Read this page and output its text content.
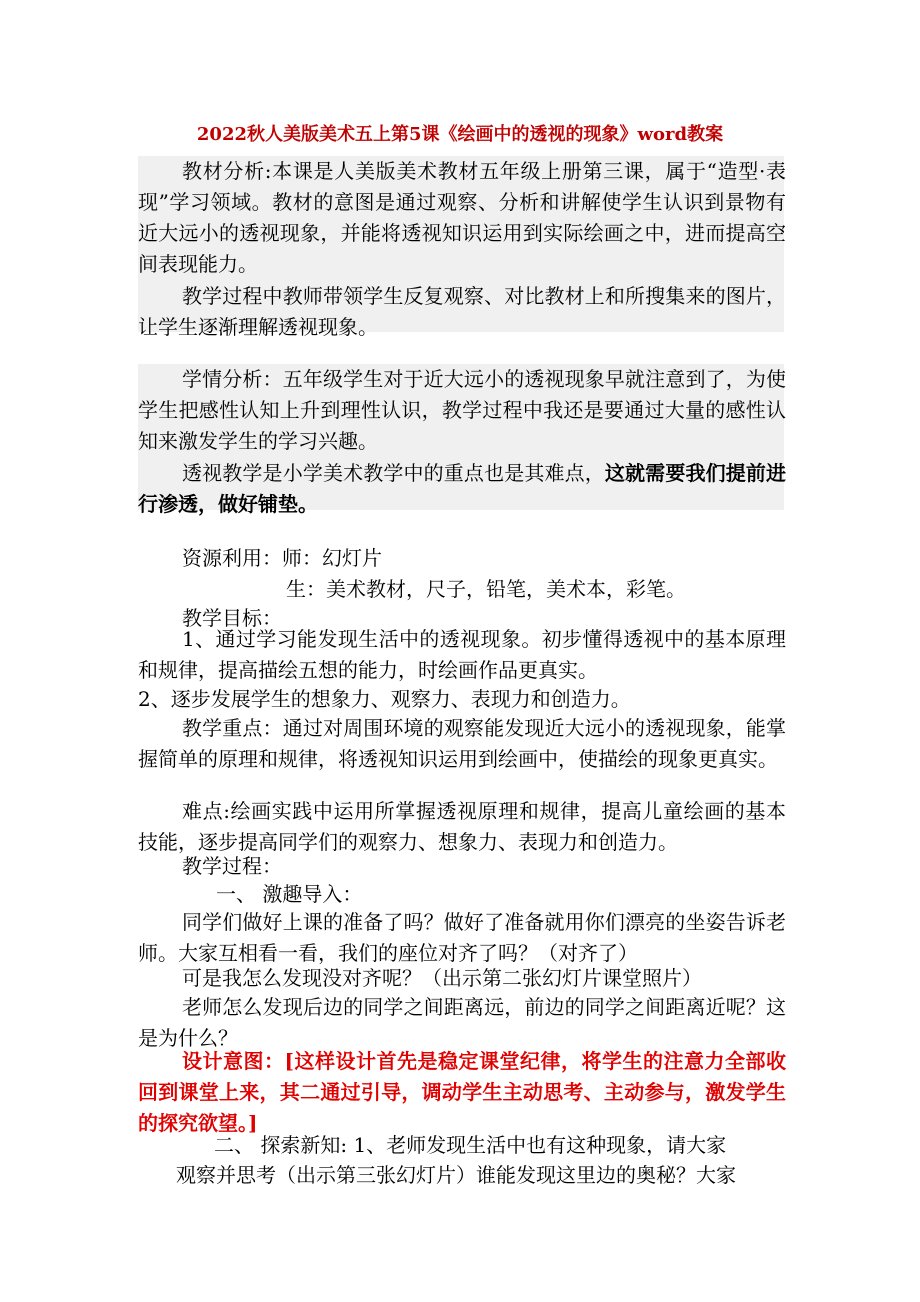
2022秋人美版美术五上第5课《绘画中的透视的现象》word教案

教材分析:本课是人美版美术教材五年级上册第三课，属于“造型·表现”学习领域。教材的意图是通过观察、分析和讲解使学生认识到景物有近大远小的透视现象，并能将透视知识运用到实际绘画之中，进而提高空间表现能力。

教学过程中教师带领学生反复观察、对比教材上和所搜集来的图片，让学生逐渐理解透视现象。

学情分析：五年级学生对于近大远小的透视现象早就注意到了，为使学生把感性认知上升到理性认识，教学过程中我还是要通过大量的感性认知来激发学生的学习兴趣。

透视教学是小学美术教学中的重点也是其难点，这就需要我们提前进行渗透，做好铺垫。

资源利用：师：幻灯片

生：美术教材，尺子，铅笔，美术本，彩笔。

教学目标：

1、通过学习能发现生活中的透视现象。初步懂得透视中的基本原理和规律，提高描绘五想的能力，时绘画作品更真实。

2、逐步发展学生的想象力、观察力、表现力和创造力。

教学重点：通过对周围环境的观察能发现近大远小的透视现象，能掌握简单的原理和规律，将透视知识运用到绘画中，使描绘的现象更真实。

难点:绘画实践中运用所掌握透视原理和规律，提高儿童绘画的基本技能，逐步提高同学们的观察力、想象力、表现力和创造力。

教学过程：

一、 激趣导入：

同学们做好上课的准备了吗？做好了准备就用你们漂亮的坐姿告诉老师。大家互相看一看，我们的座位对齐了吗？（对齐了）

可是我怎么发现没对齐呢？（出示第二张幻灯片课堂照片）

老师怎么发现后边的同学之间距离远，前边的同学之间距离近呢？这是为什么？

设计意图：[这样设计首先是稳定课堂纪律，将学生的注意力全部收回到课堂上来，其二通过引导，调动学生主动思考、主动参与，激发学生的探究欲望。]

二、 探索新知: 1、老师发现生活中也有这种现象，请大家

观察并思考（出示第三张幻灯片）谁能发现这里边的奥秘？大家
